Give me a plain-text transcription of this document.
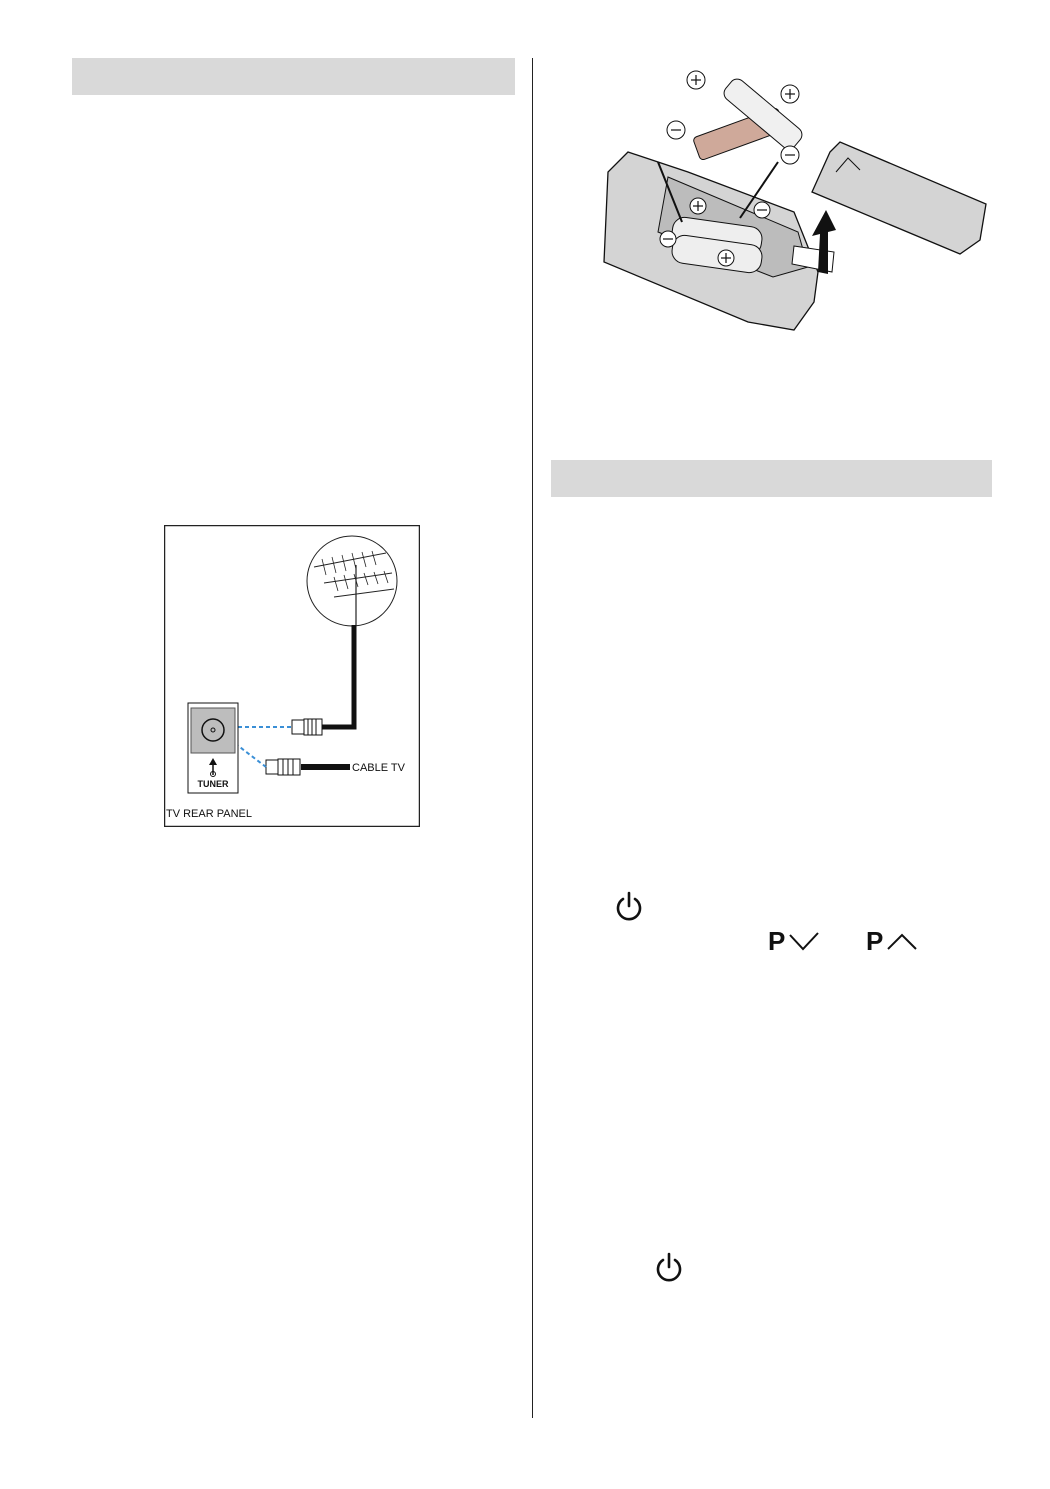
CABLE TV
TUNER
TV REAR PANEL
P	P
